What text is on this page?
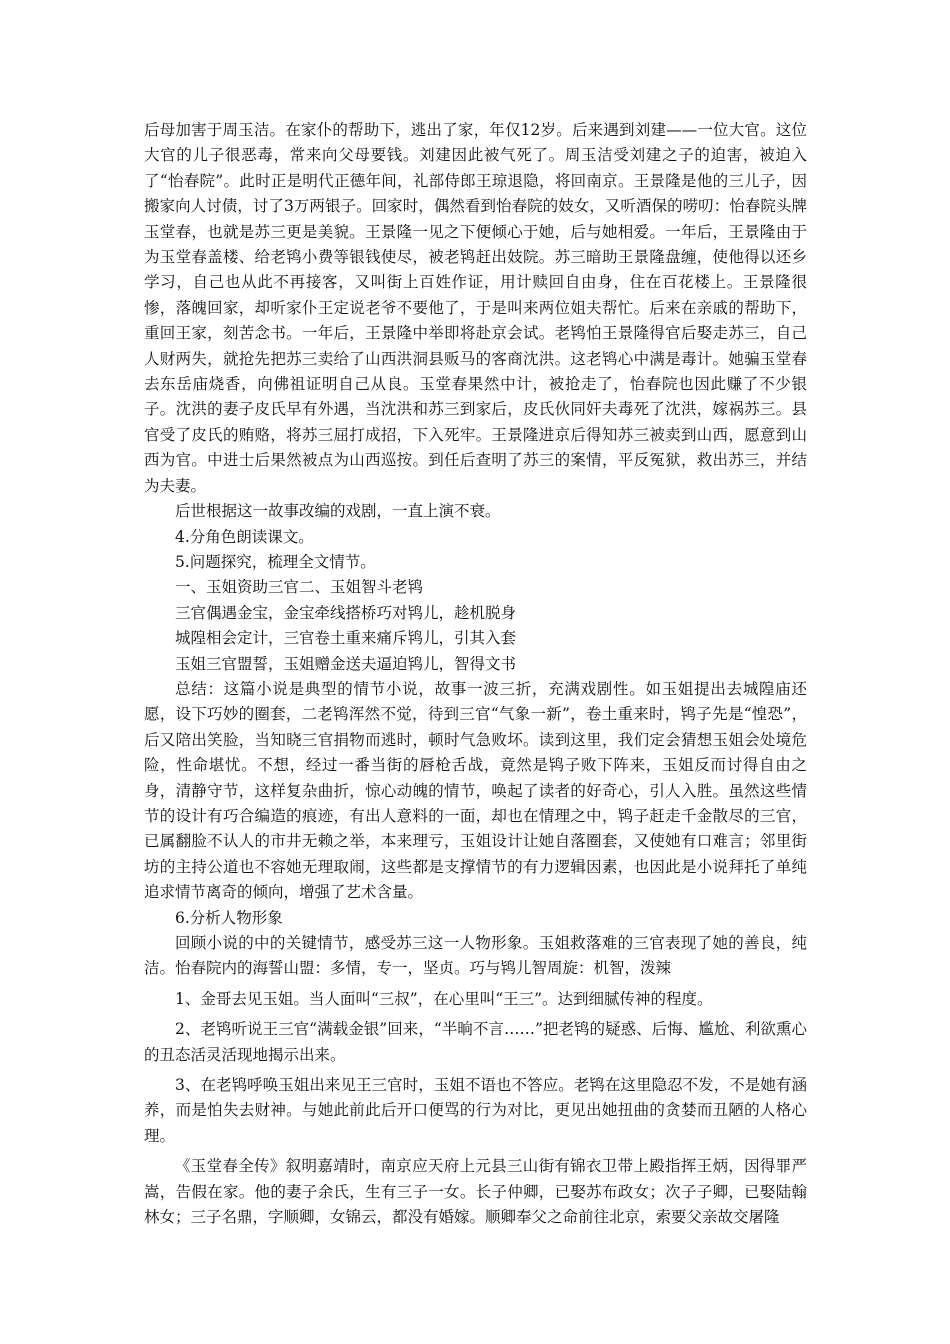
后母加害于周玉洁。在家仆的帮助下，逃出了家，年仅12岁。后来遇到刘建——一位大官。这位大官的儿子很恶毒，常来向父母要钱。刘建因此被气死了。周玉洁受刘建之子的迫害，被迫入了“怡春院”。此时正是明代正德年间，礼部侍郎王琼退隐，将回南京。王景隆是他的三儿子，因搬家向人讨债，讨了3万两银子。回家时，偶然看到怡春院的妓女，又听酒保的唠叨：怡春院头牌玉堂春，也就是苏三更是美貌。王景隆一见之下便倾心于她，后与她相爱。一年后，王景隆由于为玉堂春盖楼、给老鸨小费等银钱使尽，被老鸨赶出妓院。苏三暗助王景隆盘缠，使他得以还乡学习，自己也从此不再接客，又叫街上百姓作证，用计赎回自由身，住在百花楼上。王景隆很惨，落魄回家，却听家仆王定说老爷不要他了，于是叫来两位姐夫帮忙。后来在亲戚的帮助下，重回王家，刻苦念书。一年后，王景隆中举即将赴京会试。老鸨怕王景隆得官后娶走苏三，自己人财两失，就抢先把苏三卖给了山西洪洞县贩马的客商沈洪。这老鸨心中满是毒计。她骗玉堂春去东岳庙烧香，向佛祖证明自己从良。玉堂春果然中计，被抢走了，怡春院也因此赚了不少银子。沈洪的妻子皮氏早有外遇，当沈洪和苏三到家后，皮氏伙同奸夫毒死了沈洪，嫁祸苏三。县官受了皮氏的贿赂，将苏三屈打成招，下入死牢。王景隆进京后得知苏三被卖到山西，愿意到山西为官。中进士后果然被点为山西巡按。到任后查明了苏三的案情，平反冤狱，救出苏三，并结为夫妻。

后世根据这一故事改编的戏剧，一直上演不衰。

4.分角色朗读课文。

5.问题探究，梳理全文情节。

一、玉姐资助三官二、玉姐智斗老鸨

三官偶遇金宝，金宝牵线搭桥巧对鸨儿，趁机脱身

城隍相会定计，三官卷土重来痛斥鸨儿，引其入套

玉姐三官盟誓，玉姐赠金送夫逼迫鸨儿，智得文书

总结：这篇小说是典型的情节小说，故事一波三折，充满戏剧性。如玉姐提出去城隍庙还愿，设下巧妙的圈套，二老鸨浑然不觉，待到三官“气象一新”，卷土重来时，鸨子先是“惶恐”，后又陪出笑脸，当知晓三官捐物而逃时，顿时气急败坏。读到这里，我们定会猜想玉姐会处境危险，性命堪忧。不想，经过一番当街的唇枪舌战，竟然是鸨子败下阵来，玉姐反而讨得自由之身，清静守节，这样复杂曲折，惊心动魄的情节，唤起了读者的好奇心，引人入胜。虽然这些情节的设计有巧合编造的痕迹，有出人意料的一面，却也在情理之中，鸨子赶走千金散尽的三官，已属翻脸不认人的市井无赖之举，本来理亏，玉姐设计让她自落圈套，又使她有口难言；邻里街坊的主持公道也不容她无理取闹，这些都是支撑情节的有力逻辑因素，也因此是小说拜托了单纯追求情节离奇的倾向，增强了艺术含量。

6.分析人物形象

回顾小说的中的关键情节，感受苏三这一人物形象。玉姐救落难的三官表现了她的善良，纯洁。怡春院内的海誓山盟：多情，专一，坚贞。巧与鸨儿智周旋：机智，泼辣

1、金哥去见玉姐。当人面叫“三叔”，在心里叫“王三”。达到细腻传神的程度。

2、老鸨听说王三官“满载金银”回来，“半晌不言……”把老鸨的疑惑、后悔、尴尬、利欲熏心的丑态活灵活现地揭示出来。

3、在老鸨呼唤玉姐出来见王三官时，玉姐不语也不答应。老鸨在这里隐忍不发，不是她有涵养，而是怕失去财神。与她此前此后开口便骂的行为对比，更见出她扭曲的贪婪而丑陋的人格心理。

《玉堂春全传》叙明嘉靖时，南京应天府上元县三山街有锦衣卫带上殿指挥王炳，因得罪严嵩，告假在家。他的妻子余氏，生有三子一女。长子仲卿，已娶苏布政女；次子子卿，已娶陆翰林女；三子名鼎，字顺卿，女锦云，都没有婚嫁。顺卿奉父之命前往北京，索要父亲故交屠隆
